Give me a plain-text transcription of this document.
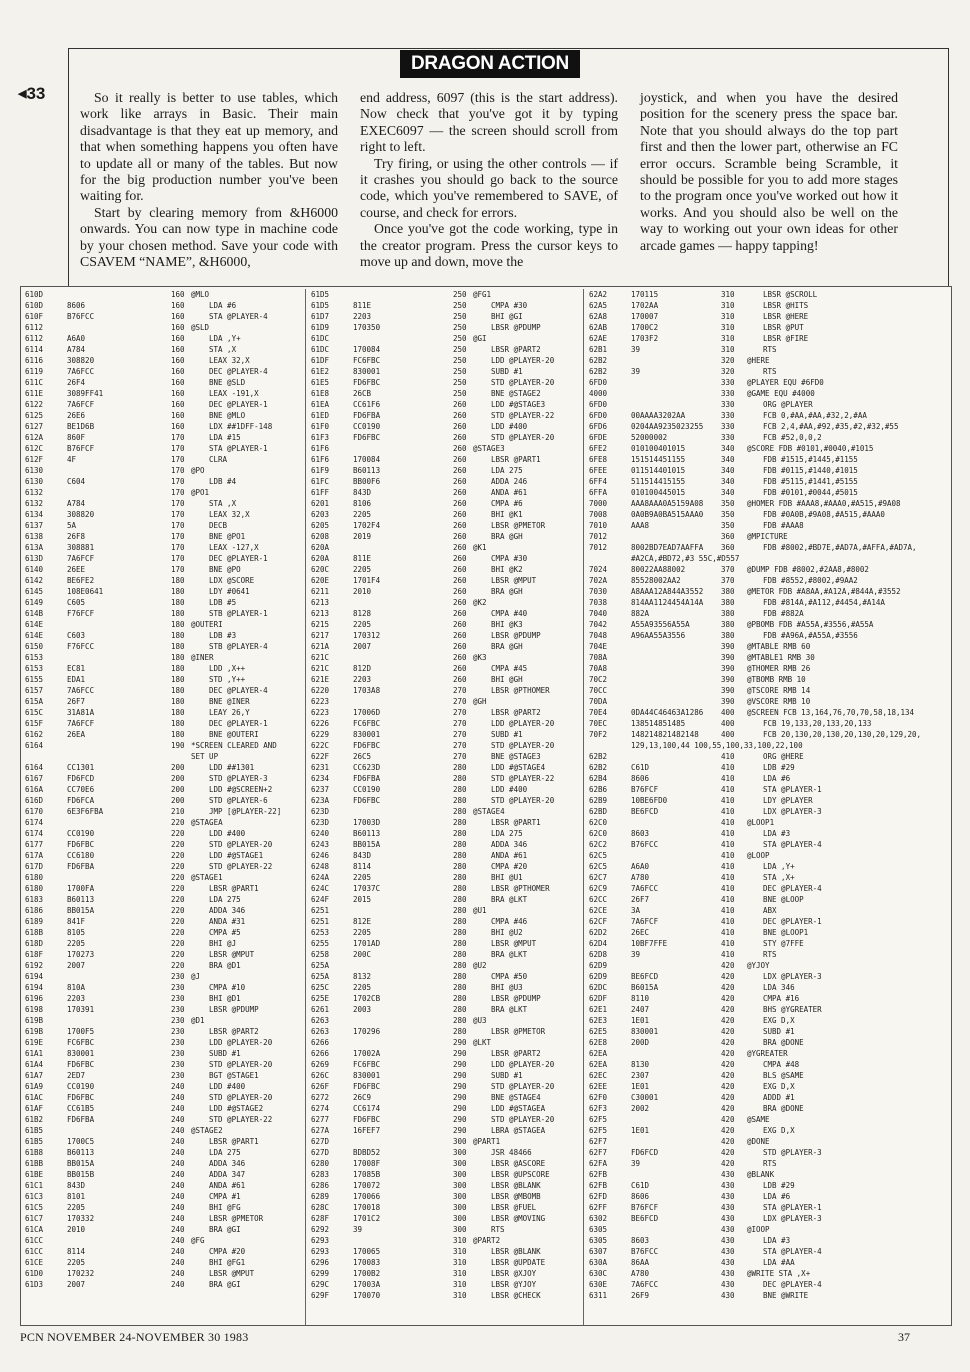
DRAGON ACTION
◀33	So it really is better to use tables, which work like arrays in Basic. Their main disadvantage is that they eat up memory, and that when something happens you often have to update all or many of the tables. But now for the big production number you've been waiting for.

Start by clearing memory from &H6000 onwards. You can now type in machine code by your chosen method. Save your code with CSAVEM “NAME”, &H6000,

end address, 6097 (this is the start address). Now check that you've got it by typing EXEC6097 — the screen should scroll from right to left.

Try firing, or using the other controls — if it crashes you should go back to the source code, which you've remembered to SAVE, of course, and check for errors.

Once you've got the code working, type in the creator program. Press the cursor keys to move up and down, move the

joystick, and when you have the desired position for the scenery press the space bar. Note that you should always do the top part first and then the lower part, otherwise an FC error occurs. Scramble being Scramble, it should be possible for you to add more stages to the program once you've worked out how it works. And you should also be well on the way to working out your own ideas for other arcade games — happy tapping!

610D	160 @MLO
610D	8606	160	LDA #6
610F	B76FCC	160	STA @PLAYER-4
6112	160 @SLD
6112	A6A0	160	LDA ,Y+
6114	A784	160	STA ,X
6116	308820	160	LEAX 32,X
6119	7A6FCC	160	DEC @PLAYER-4
611C	26F4	160	BNE @SLD
611E	3089FF41	160	LEAX -191,X
6122	7A6FCF	160	DEC @PLAYER-1
6125	26E6	160	BNE @MLO
6127	BE1D6B	160	LDX ##1DFF-148
612A	860F	170	LDA #15
612C	B76FCF	170	STA @PLAYER-1
612F	4F	170	CLRA
6130	170 @PO
6130	C604	170	LDB #4
6132	170 @PO1
6132	A784	170	STA ,X
6134	308820	170	LEAX 32,X
6137	5A	170	DECB
6138	26F8	170	BNE @PO1
613A	308881	170	LEAX -127,X
613D	7A6FCF	170	DEC @PLAYER-1
6140	26EE	170	BNE @PO
6142	BE6FE2	180	LDX @SCORE
6145	108E0641	180	LDY #0641
6149	C605	180	LDB #5
614B	F76FCF	180	STB @PLAYER-1
614E	180 @OUTERI
614E	C603	180	LDB #3
6150	F76FCC	180	STB @PLAYER-4
6153	180 @INER
6153	EC81	180	LDD ,X++
6155	EDA1	180	STD ,Y++
6157	7A6FCC	180	DEC @PLAYER-4
615A	26F7	180	BNE @INER
615C	31A81A	180	LEAY 26,Y
615F	7A6FCF	180	DEC @PLAYER-1
6162	26EA	180	BNE @OUTERI
6164	190 *SCREEN CLEARED AND
SET UP
6164	CC1301	200	LDD ##1301
6167	FD6FCD	200	STD @PLAYER-3
616A	CC70E6	200	LDD #@SCREEN+2
616D	FD6FCA	200	STD @PLAYER-6
6170	6E3F6FBA	210	JMP [@PLAYER-22]
6174	220 @STAGEA
6174	CC0190	220	LDD #400
6177	FD6FBC	220	STD @PLAYER-20
617A	CC6180	220	LDD #@STAGE1
617D	FD6FBA	220	STD @PLAYER-22
6180	220 @STAGE1
6180	1700FA	220	LBSR @PART1
6183	B60113	220	LDA 275
6186	BB015A	220	ADDA 346
6189	841F	220	ANDA #31
618B	8105	220	CMPA #5
618D	2205	220	BHI @J
618F	170273	220	LBSR @MPUT
6192	2007	220	BRA @D1
6194	230 @J
6194	810A	230	CMPA #10
6196	2203	230	BHI @D1
6198	170391	230	LBSR @PDUMP
619B	230 @D1
619B	1700F5	230	LBSR @PART2
619E	FC6FBC	230	LDD @PLAYER-20
61A1	830001	230	SUBD #1
61A4	FD6FBC	230	STD @PLAYER-20
61A7	2ED7	230	BGT @STAGE1
61A9	CC0190	240	LDD #400
61AC	FD6FBC	240	STD @PLAYER-20
61AF	CC61B5	240	LDD #@STAGE2
61B2	FD6FBA	240	STD @PLAYER-22
61B5	240 @STAGE2
61B5	1700C5	240	LBSR @PART1
61B8	B60113	240	LDA 275
61BB	BB015A	240	ADDA 346
61BE	BB015B	240	ADDA 347
61C1	843D	240	ANDA #61
61C3	8101	240	CMPA #1
61C5	2205	240	BHI @FG
61C7	170332	240	LBSR @PMETOR
61CA	2010	240	BRA @GI
61CC	240 @FG
61CC	8114	240	CMPA #20
61CE	2205	240	BHI @FG1
61D0	170232	240	LBSR @MPUT
61D3	2007	240	BRA @GI
61D5	250 @FG1
61D5	811E	250	CMPA #30
61D7	2203	250	BHI @GI
61D9	170350	250	LBSR @PDUMP
61DC	250 @GI
61DC	170084	250	LBSR @PART2
61DF	FC6FBC	250	LDD @PLAYER-20
61E2	830001	250	SUBD #1
61E5	FD6FBC	250	STD @PLAYER-20
61E8	26CB	250	BNE @STAGE2
61EA	CC61F6	260	LDD #@STAGE3
61ED	FD6FBA	260	STD @PLAYER-22
61F0	CC0190	260	LDD #400
61F3	FD6FBC	260	STD @PLAYER-20
61F6	260 @STAGE3
61F6	170084	260	LBSR @PART1
61F9	B60113	260	LDA 275
61FC	BB00F6	260	ADDA 246
61FF	843D	260	ANDA #61
6201	8106	260	CMPA #6
6203	2205	260	BHI @K1
6205	1702F4	260	LBSR @PMETOR
6208	2019	260	BRA @GH
620A	260 @K1
620A	811E	260	CMPA #30
620C	2205	260	BHI @K2
620E	1701F4	260	LBSR @MPUT
6211	2010	260	BRA @GH
6213	260 @K2
6213	8128	260	CMPA #40
6215	2205	260	BHI @K3
6217	170312	260	LBSR @PDUMP
621A	2007	260	BRA @GH
621C	260 @K3
621C	812D	260	CMPA #45
621E	2203	260	BHI @GH
6220	1703A8	270	LBSR @PTHOMER
6223	270 @GH
6223	17006D	270	LBSR @PART2
6226	FC6FBC	270	LDD @PLAYER-20
6229	830001	270	SUBD #1
622C	FD6FBC	270	STD @PLAYER-20
622F	26C5	270	BNE @STAGE3
6231	CC623D	280	LDD #@STAGE4
6234	FD6FBA	280	STD @PLAYER-22
6237	CC0190	280	LDD #400
623A	FD6FBC	280	STD @PLAYER-20
623D	280 @STAGE4
623D	17003D	280	LBSR @PART1
6240	B60113	280	LDA 275
6243	BB015A	280	ADDA 346
6246	843D	280	ANDA #61
6248	8114	280	CMPA #20
624A	2205	280	BHI @U1
624C	17037C	280	LBSR @PTHOMER
624F	2015	280	BRA @LKT
6251	280 @U1
6251	812E	280	CMPA #46
6253	2205	280	BHI @U2
6255	1701AD	280	LBSR @MPUT
6258	200C	280	BRA @LKT
625A	280 @U2
625A	8132	280	CMPA #50
625C	2205	280	BHI @U3
625E	1702CB	280	LBSR @PDUMP
6261	2003	280	BRA @LKT
6263	280 @U3
6263	170296	280	LBSR @PMETOR
6266	290 @LKT
6266	17002A	290	LBSR @PART2
6269	FC6FBC	290	LDD @PLAYER-20
626C	830001	290	SUBD #1
626F	FD6FBC	290	STD @PLAYER-20
6272	26C9	290	BNE @STAGE4
6274	CC6174	290	LDD #@STAGEA
6277	FD6FBC	290	STD @PLAYER-20
627A	16FEF7	290	LBRA @STAGEA
627D	300 @PART1
627D	BDBD52	300	JSR 48466
6280	17008F	300	LBSR @ASCORE
6283	17085B	300	LBSR @UPSCORE
6286	170072	300	LBSR @BLANK
6289	170066	300	LBSR @MBOMB
628C	170018	300	LBSR @FUEL
628F	1701C2	300	LBSR @MOVING
6292	39	300	RTS
6293	310 @PART2
6293	170065	310	LBSR @BLANK
6296	170083	310	LBSR @UPDATE
6299	1700B2	310	LBSR @XJOY
629C	17003A	310	LBSR @YJOY
629F	170070	310	LBSR @CHECK
62A2	170115	310	LBSR @SCROLL
62A5	1702AA	310	LBSR @HITS
62A8	170007	310	LBSR @HERE
62AB	1700C2	310	LBSR @PUT
62AE	1703F2	310	LBSR @FIRE
62B1	39	310	RTS
62B2	320 @HERE
62B2	39	320	RTS
6FD0	330 @PLAYER EQU #6FD0
4000	330 @GAME EQU #4000
6FD0	330	ORG @PLAYER
6FD0	00AAAA3202AA	330	FCB 0,#AA,#AA,#32,2,#AA
6FD6	0204AA9235023255 330	FCB 2,4,#AA,#92,#35,#2,#32,#55
6FDE	52000002	330	FCB #52,0,0,2
6FE2	010100401015	340 @SCORE FDB #0101,#0040,#1015
6FE8	151514451155	340	FDB #1515,#1445,#1155
6FEE	011514401015	340	FDB #0115,#1440,#1015
6FF4	511514415155	340	FDB #5115,#1441,#5155
6FFA	010100445015	340	FDB #0101,#0044,#5015
7000	AAA8AAA0A5159A08 350 @HOMER FDB #AAA8,#AAA0,#A515,#9A08
7008	0A0B9A0BA515AAA0 350	FDB #0A0B,#9A08,#A515,#AAA0
7010	AAA8	350	FDB #AAA8
7012	360 @MPICTURE
7012	8002BD7EAD7AAFFA 360	FDB #8002,#BD7E,#AD7A,#AFFA,#AD7A,
#A2CA,#BD72,#3 55C,#D557
7024	80022AA88002	370 @DUMP FDB #8002,#2AA8,#8002
702A	85528002AA2	370	FDB #8552,#8002,#9AA2
7030	A8AAA12A844A3552 380 @METOR FDB #A8AA,#A12A,#844A,#3552
7038	814AA1124454A14A 380	FDB #814A,#A112,#4454,#A14A
7040	882A	380	FDB #882A
7042	A55A93556A55A	380 @PBOMB FDB #A55A,#3556,#A55A
7048	A96AA55A3556	380	FDB #A96A,#A55A,#3556
704E	390 @MTABLE RMB 60
708A	390 @MTABLE1 RMB 30
70A8	390 @THOMER RMB 26
70C2	390 @TBOMB RMB 10
70CC	390 @TSCORE RMB 14
70DA	390 @VSCORE RMB 10
70E4	0DA44C46463A1286 400 @SCREEN FCB 13,164,76,70,70,58,18,134
70EC	138514851485	400	FCB 19,133,20,133,20,133
70F2	148214821482148	400	FCB 20,130,20,130,20,130,20,129,20,
129,13,100,44 100,55,100,33,100,22,100
62B2	410	ORG @HERE
62B2	C61D	410	LDB #29
62B4	8606	410	LDA #6
62B6	B76FCF	410	STA @PLAYER-1
62B9	10BE6FD0	410	LDY @PLAYER
62BD	BE6FCD	410	LDX @PLAYER-3
62C0	410 @LOOP1
62C0	8603	410	LDA #3
62C2	B76FCC	410	STA @PLAYER-4
62C5	410 @LOOP
62C5	A6A0	410	LDA ,Y+
62C7	A780	410	STA ,X+
62C9	7A6FCC	410	DEC @PLAYER-4
62CC	26F7	410	BNE @LOOP
62CE	3A	410	ABX
62CF	7A6FCF	410	DEC @PLAYER-1
62D2	26EC	410	BNE @LOOP1
62D4	10BF7FFE	410	STY @7FFE
62D8	39	410	RTS
62D9	420 @YJOY
62D9	BE6FCD	420	LDX @PLAYER-3
62DC	B6015A	420	LDA 346
62DF	8110	420	CMPA #16
62E1	2407	420	BHS @YGREATER
62E3	1E01	420	EXG D,X
62E5	830001	420	SUBD #1
62E8	200D	420	BRA @DONE
62EA	420 @YGREATER
62EA	8130	420	CMPA #48
62EC	2307	420	BLS @SAME
62EE	1E01	420	EXG D,X
62F0	C30001	420	ADDD #1
62F3	2002	420	BRA @DONE
62F5	420 @SAME
62F5	1E01	420	EXG D,X
62F7	420 @DONE
62F7	FD6FCD	420	STD @PLAYER-3
62FA	39	420	RTS
62FB	430 @BLANK
62FB	C61D	430	LDB #29
62FD	8606	430	LDA #6
62FF	B76FCF	430	STA @PLAYER-1
6302	BE6FCD	430	LDX @PLAYER-3
6305	430 @IOOP
6305	8603	430	LDA #3
6307	B76FCC	430	STA @PLAYER-4
630A	86AA	430	LDA #AA
630C	A780	430 @WRITE STA ,X+
630E	7A6FCC	430	DEC @PLAYER-4
6311	26F9	430	BNE @WRITE
PCN NOVEMBER 24-NOVEMBER 30 1983	37
